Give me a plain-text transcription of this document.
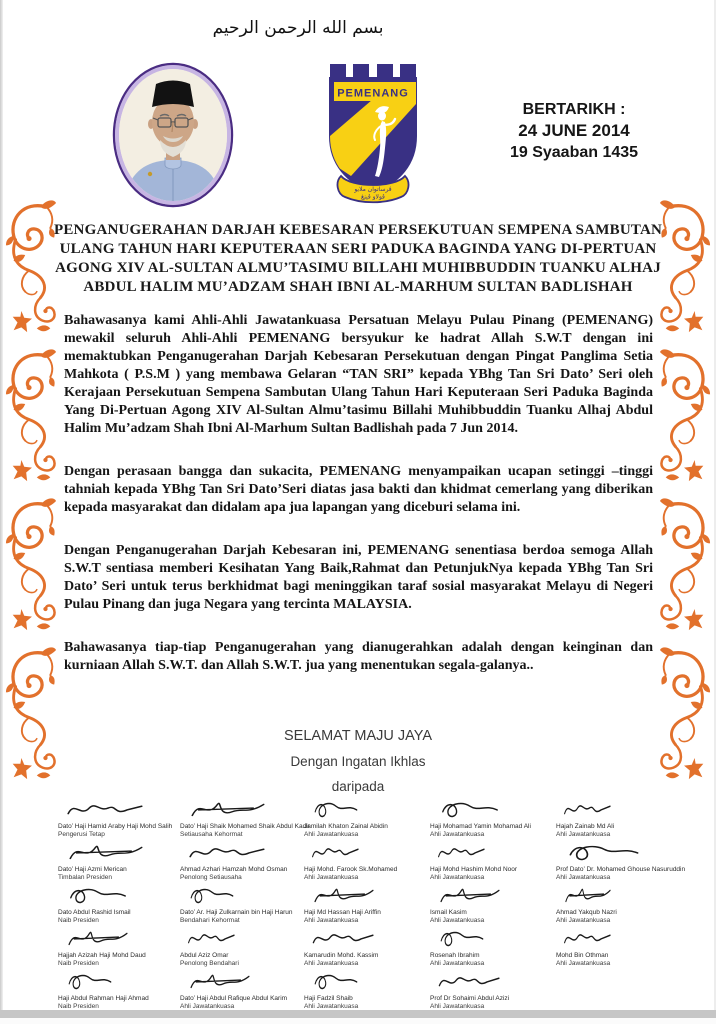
بسم الله الرحمن الرحيم
PEMENANG
ڤرساتوان ملايو
ڤولاو ڤينڠ
BERTARIKH :
24 JUNE 2014
19 Syaaban 1435
PENGANUGERAHAN DARJAH KEBESARAN PERSEKUTUAN SEMPENA SAMBUTAN
ULANG TAHUN HARI KEPUTERAAN SERI PADUKA BAGINDA YANG DI-PERTUAN
AGONG XIV AL-SULTAN ALMU’TASIMU BILLAHI MUHIBBUDDIN TUANKU ALHAJ
ABDUL HALIM MU’ADZAM SHAH IBNI AL-MARHUM SULTAN BADLISHAH

Bahawasanya kami Ahli-Ahli Jawatankuasa Persatuan Melayu Pulau Pinang (PEMENANG) mewakil seluruh Ahli-Ahli PEMENANG bersyukur ke hadrat Allah S.W.T dengan ini memaktubkan Penganugerahan Darjah Kebesaran Persekutuan dengan Pingat Panglima Setia Mahkota ( P.S.M ) yang membawa Gelaran “TAN SRI” kepada YBhg Tan Sri Dato’ Seri oleh Kerajaan Persekutuan Sempena Sambutan Ulang Tahun Hari Keputeraan Seri Paduka Baginda Yang Di-Pertuan Agong XIV Al-Sultan Almu’tasimu Billahi Muhibbuddin Tuanku Alhaj Abdul Halim Mu’adzam Shah Ibni Al-Marhum Sultan Badlishah pada 7 Jun 2014.

Dengan perasaan bangga dan sukacita, PEMENANG menyampaikan ucapan setinggi –tinggi tahniah kepada YBhg Tan Sri Dato’Seri diatas jasa bakti dan khidmat cemerlang yang diberikan kepada masyarakat dan didalam apa jua lapangan yang diceburi selama ini.

Dengan Penganugerahan Darjah Kebesaran ini, PEMENANG senentiasa berdoa semoga Allah S.W.T sentiasa memberi Kesihatan Yang Baik,Rahmat dan PetunjukNya kepada YBhg Tan Sri Dato’ Seri untuk terus berkhidmat bagi meninggikan taraf sosial masyarakat Melayu di Negeri Pulau Pinang dan juga Negara yang tercinta MALAYSIA.

Bahawasanya tiap-tiap Penganugerahan yang dianugerahkan adalah dengan keinginan dan kurniaan Allah S.W.T. dan Allah S.W.T. jua yang menentukan segala-galanya..

SELAMAT MAJU JAYA
Dengan Ingatan Ikhlas
daripada
Dato’ Haji Hamid Araby Haji Mohd Salih
Pengerusi Tetap
Dato’ Haji Azmi Merican
Timbalan Presiden
Dato Abdul Rashid Ismail
Naib Presiden
Hajjah Azizah Haji Mohd Daud
Naib Presiden
Haji Abdul Rahman Haji Ahmad
Naib Presiden
Dato’ Haji Shaik Mohamed Shaik Abdul Kadir
Setiausaha Kehormat
Ahmad Azhari Hamzah Mohd Osman
Penolong Setiausaha
Dato’ Ar. Haji Zulkarnain bin Haji Harun
Bendahari Kehormat
Abdul Aziz Omar
Penolong Bendahari
Dato’ Haji Abdul Rafique Abdul Karim
Ahli Jawatankuasa
Jamilah Khaton Zainal Abidin
Ahli Jawatankuasa
Haji Mohd. Farook Sk.Mohamed
Ahli Jawatankuasa
Haji Md Hassan Haji Ariffin
Ahli Jawatankuasa
Kamarudin Mohd. Kassim
Ahli Jawatankuasa
Haji Fadzil Shaib
Ahli Jawatankuasa
Haji Mohamad Yamin Mohamad Ali
Ahli Jawatankuasa
Haji Mohd Hashim Mohd Noor
Ahli Jawatankuasa
Ismail Kasim
Ahli Jawatankuasa
Rosenah Ibrahim
Ahli Jawatankuasa
Prof Dr Sohaimi Abdul Azizi
Ahli Jawatankuasa
Hajah Zainab Md Ali
Ahli Jawatankuasa
Prof Dato’ Dr. Mohamed Ghouse Nasuruddin
Ahli Jawatankuasa
Ahmad Yakqub Nazri
Ahli Jawatankuasa
Mohd Bin Othman
Ahli Jawatankuasa
